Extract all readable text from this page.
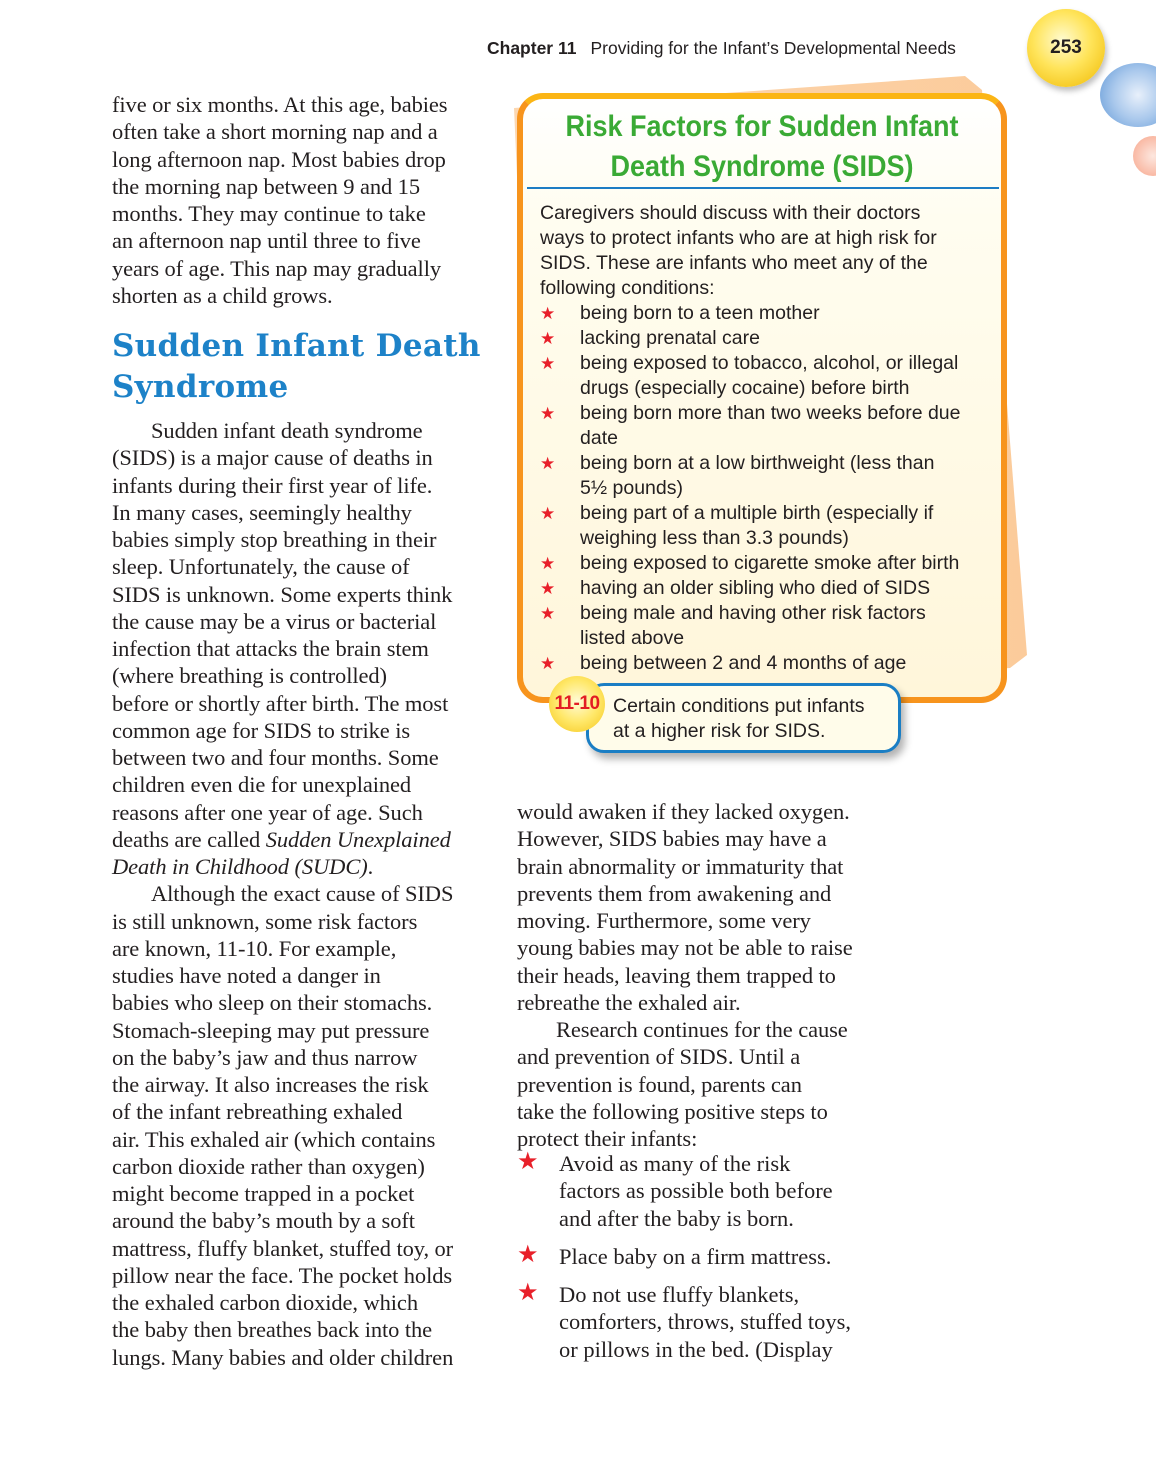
Chapter 11 Providing for the Infant’s Developmental Needs	253
five or six months. At this age, babies
often take a short morning nap and a
long afternoon nap. Most babies drop
the morning nap between 9 and 15
months. They may continue to take
an afternoon nap until three to five
years of age. This nap may gradually
shorten as a child grows.
Sudden Infant Death
Syndrome
Sudden infant death syndrome
(SIDS) is a major cause of deaths in
infants during their first year of life.
In many cases, seemingly healthy
babies simply stop breathing in their
sleep. Unfortunately, the cause of
SIDS is unknown. Some experts think
the cause may be a virus or bacterial
infection that attacks the brain stem
(where breathing is controlled)
before or shortly after birth. The most
common age for SIDS to strike is
between two and four months. Some
children even die for unexplained
reasons after one year of age. Such
deaths are called Sudden Unexplained
Death in Childhood (SUDC).
Although the exact cause of SIDS
is still unknown, some risk factors
are known, 11-10. For example,
studies have noted a danger in
babies who sleep on their stomachs.
Stomach-sleeping may put pressure
on the baby’s jaw and thus narrow
the airway. It also increases the risk
of the infant rebreathing exhaled
air. This exhaled air (which contains
carbon dioxide rather than oxygen)
might become trapped in a pocket
around the baby’s mouth by a soft
mattress, fluffy blanket, stuffed toy, or
pillow near the face. The pocket holds
the exhaled carbon dioxide, which
the baby then breathes back into the
lungs. Many babies and older children
Risk Factors for Sudden Infant
Death Syndrome (SIDS)
Caregivers should discuss with their doctors
ways to protect infants who are at high risk for
SIDS. These are infants who meet any of the
following conditions:
★ being born to a teen mother
★ lacking prenatal care
★ being exposed to tobacco, alcohol, or illegal
drugs (especially cocaine) before birth
★ being born more than two weeks before due
date
★ being born at a low birthweight (less than
5½ pounds)
★ being part of a multiple birth (especially if
weighing less than 3.3 pounds)
★ being exposed to cigarette smoke after birth
★ having an older sibling who died of SIDS
★ being male and having other risk factors
listed above
★ being between 2 and 4 months of age
Certain conditions put infants
at a higher risk for SIDS.
11-10
would awaken if they lacked oxygen.
However, SIDS babies may have a
brain abnormality or immaturity that
prevents them from awakening and
moving. Furthermore, some very
young babies may not be able to raise
their heads, leaving them trapped to
rebreathe the exhaled air.
Research continues for the cause
and prevention of SIDS. Until a
prevention is found, parents can
take the following positive steps to
protect their infants:
★ Avoid as many of the risk
factors as possible both before
and after the baby is born.
★ Place baby on a firm mattress.
★ Do not use fluffy blankets,
comforters, throws, stuffed toys,
or pillows in the bed. (Display
